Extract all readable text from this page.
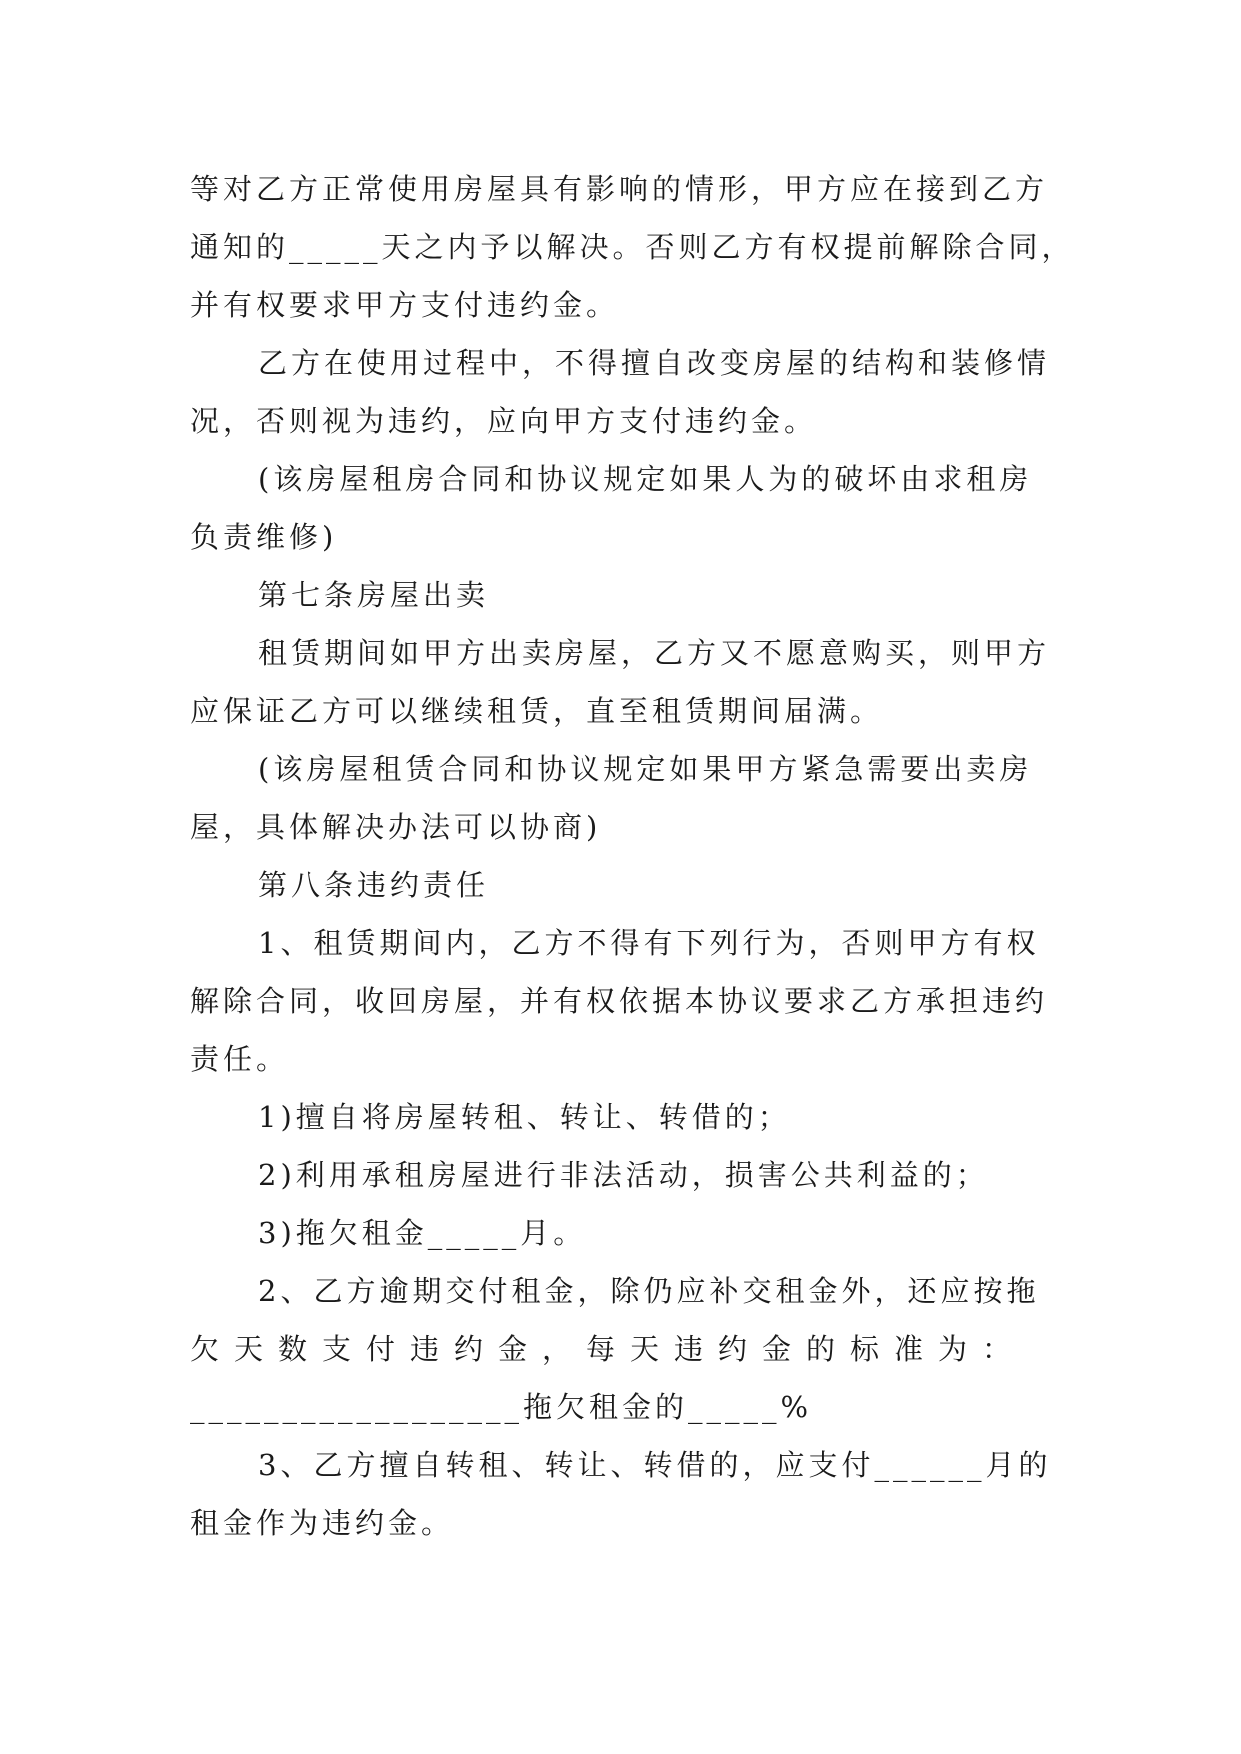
等对乙方正常使用房屋具有影响的情形，甲方应在接到乙方
通知的_____天之内予以解决。否则乙方有权提前解除合同，
并有权要求甲方支付违约金。
乙方在使用过程中，不得擅自改变房屋的结构和装修情
况，否则视为违约，应向甲方支付违约金。
(该房屋租房合同和协议规定如果人为的破坏由求租房
负责维修)
第七条房屋出卖
租赁期间如甲方出卖房屋，乙方又不愿意购买，则甲方
应保证乙方可以继续租赁，直至租赁期间届满。
(该房屋租赁合同和协议规定如果甲方紧急需要出卖房
屋，具体解决办法可以协商)
第八条违约责任
1、租赁期间内，乙方不得有下列行为，否则甲方有权
解除合同，收回房屋，并有权依据本协议要求乙方承担违约
责任。
1)擅自将房屋转租、转让、转借的；
2)利用承租房屋进行非法活动，损害公共利益的；
3)拖欠租金_____月。
2、乙方逾期交付租金，除仍应补交租金外，还应按拖
欠天数支付违约金，每天违约金的标准为：
__________________拖欠租金的_____%
3、乙方擅自转租、转让、转借的，应支付______月的
租金作为违约金。
